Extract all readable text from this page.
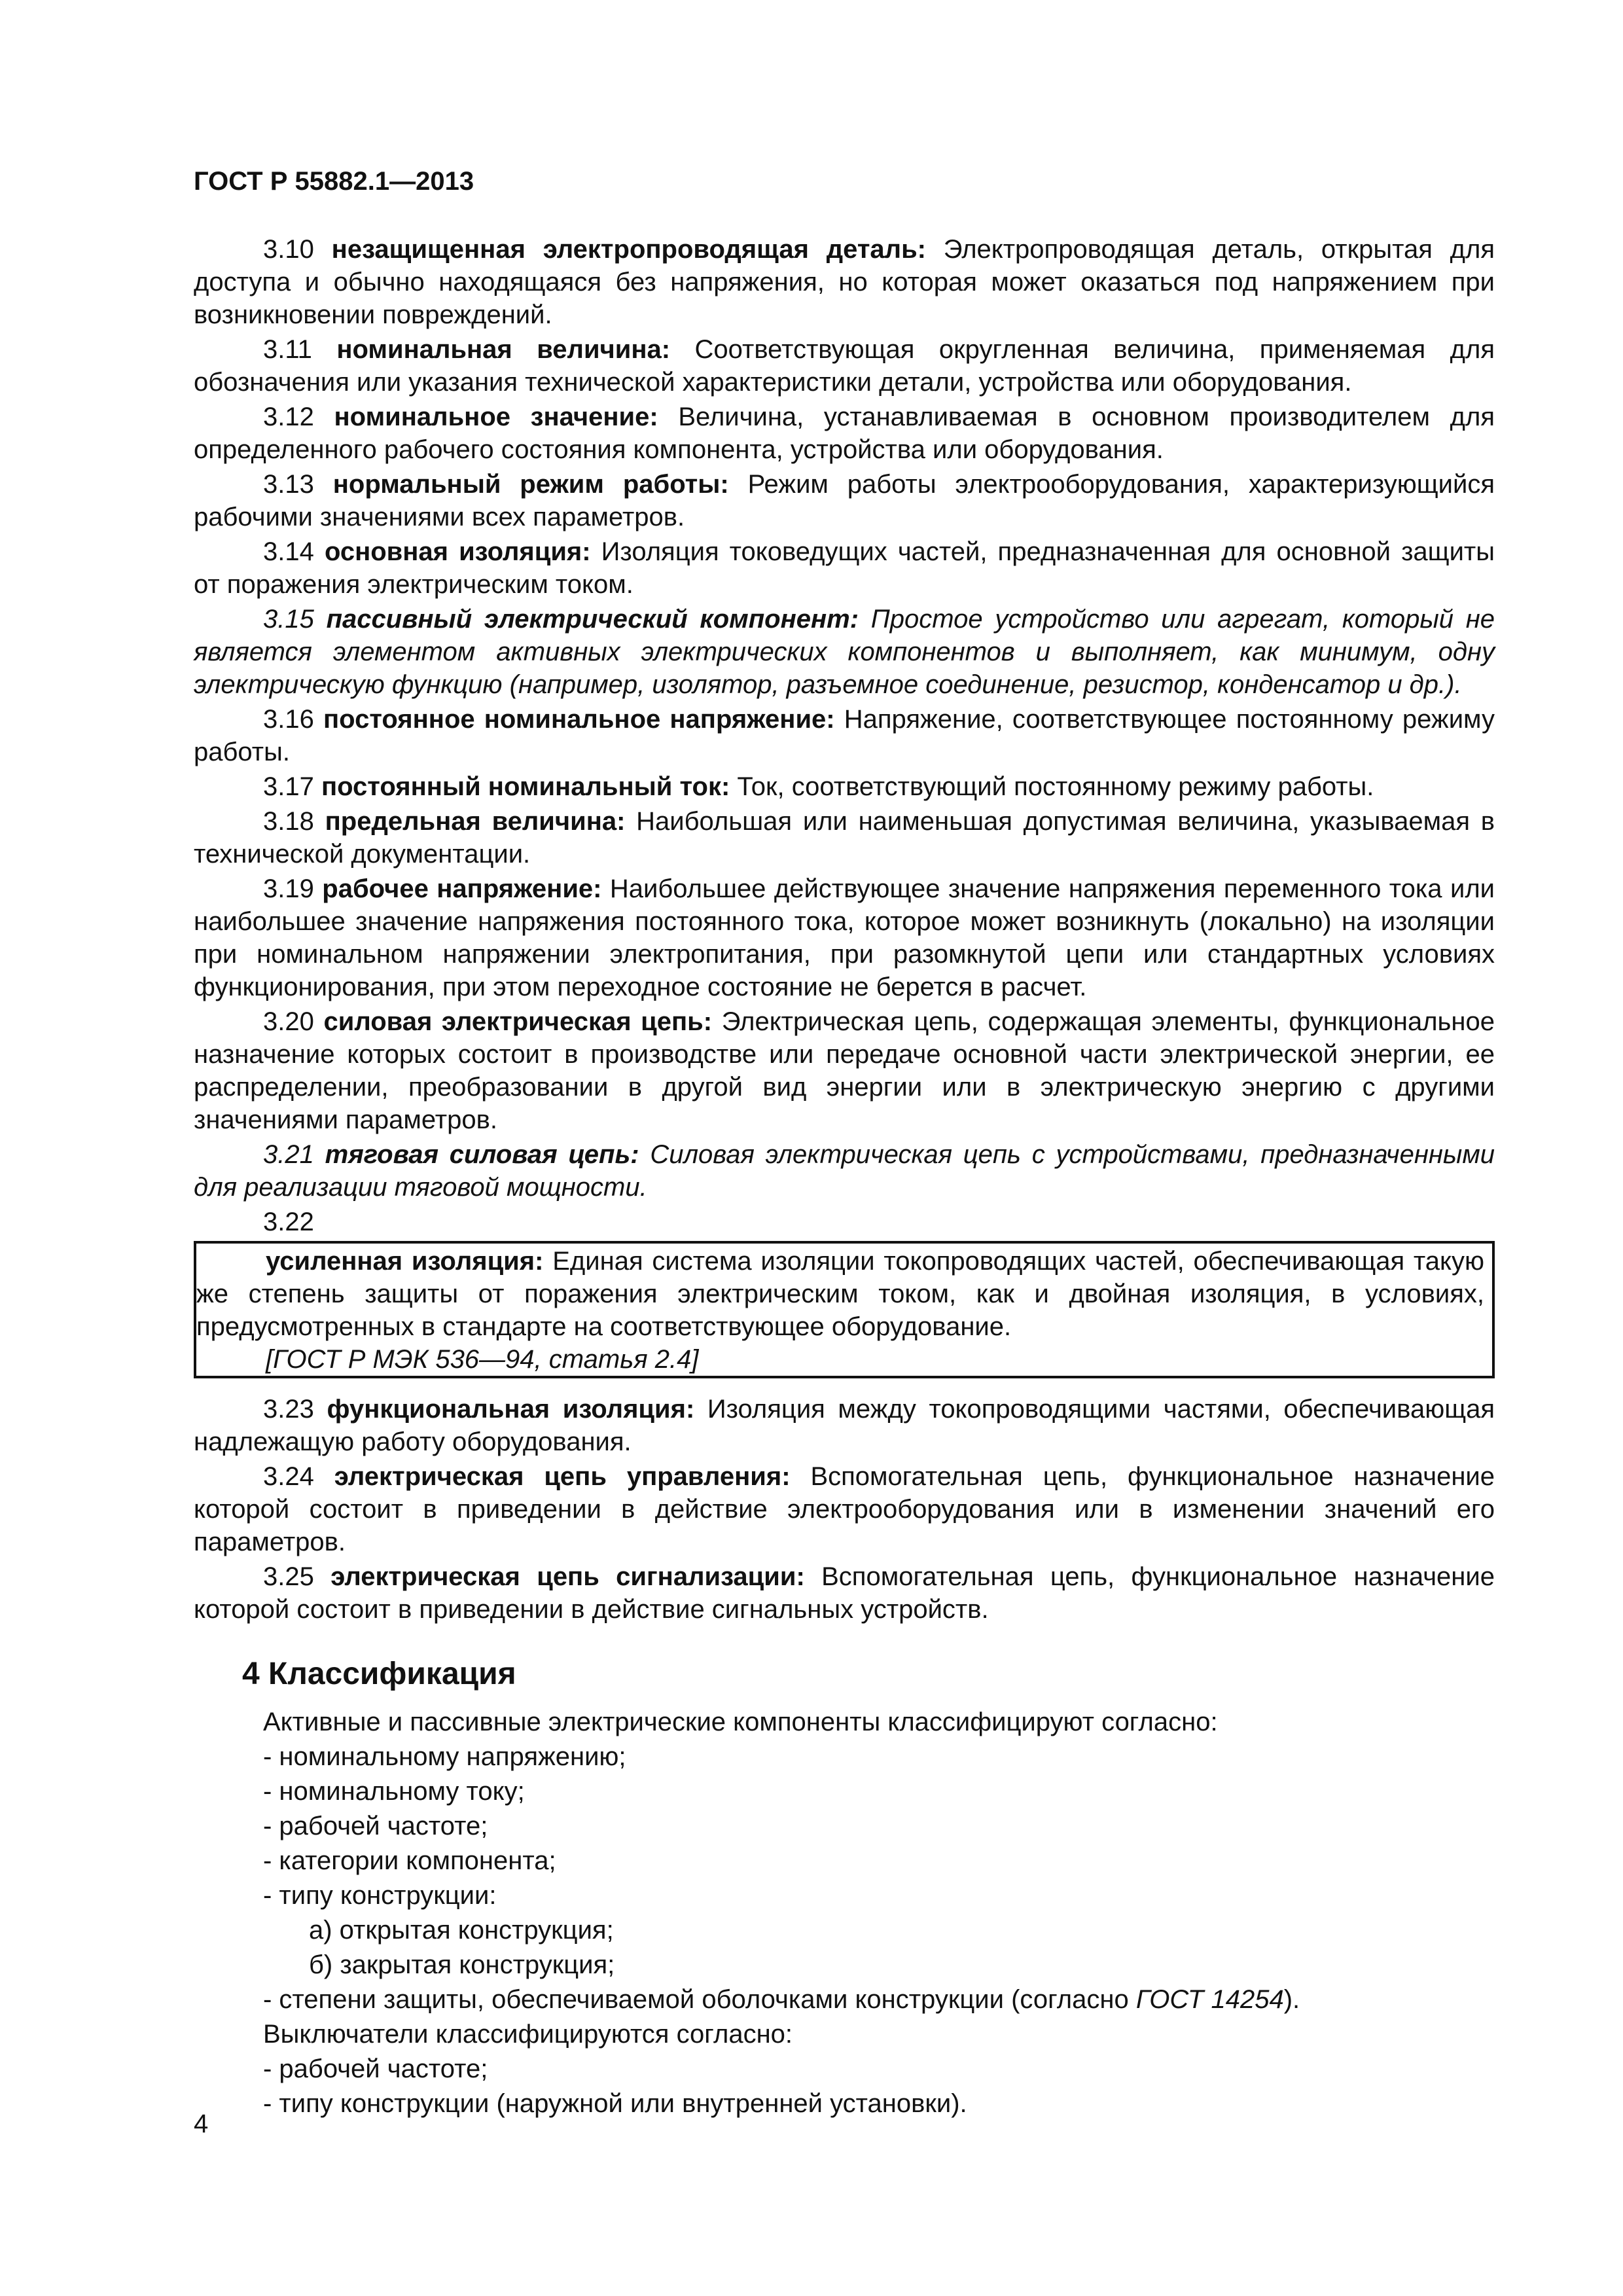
ГОСТ Р 55882.1—2013

3.10 незащищенная электропроводящая деталь: Электропроводящая деталь, открытая для доступа и обычно находящаяся без напряжения, но которая может оказаться под напряжением при возникновении повреждений.

3.11 номинальная величина: Соответствующая округленная величина, применяемая для обозначения или указания технической характеристики детали, устройства или оборудования.

3.12 номинальное значение: Величина, устанавливаемая в основном производителем для определенного рабочего состояния компонента, устройства или оборудования.

3.13 нормальный режим работы: Режим работы электрооборудования, характеризующийся рабочими значениями всех параметров.

3.14 основная изоляция: Изоляция токоведущих частей, предназначенная для основной защиты от поражения электрическим током.

3.15 пассивный электрический компонент: Простое устройство или агрегат, который не является элементом активных электрических компонентов и выполняет, как минимум, одну электрическую функцию (например, изолятор, разъемное соединение, резистор, конденсатор и др.).

3.16 постоянное номинальное напряжение: Напряжение, соответствующее постоянному режиму работы.

3.17 постоянный номинальный ток: Ток, соответствующий постоянному режиму работы.

3.18 предельная величина: Наибольшая или наименьшая допустимая величина, указываемая в технической документации.

3.19 рабочее напряжение: Наибольшее действующее значение напряжения переменного тока или наибольшее значение напряжения постоянного тока, которое может возникнуть (локально) на изоляции при номинальном напряжении электропитания, при разомкнутой цепи или стандартных условиях функционирования, при этом переходное состояние не берется в расчет.

3.20 силовая электрическая цепь: Электрическая цепь, содержащая элементы, функциональное назначение которых состоит в производстве или передаче основной части электрической энергии, ее распределении, преобразовании в другой вид энергии или в электрическую энергию с другими значениями параметров.

3.21 тяговая силовая цепь: Силовая электрическая цепь с устройствами, предназначенными для реализации тяговой мощности.

3.22

усиленная изоляция: Единая система изоляции токопроводящих частей, обеспечивающая такую же степень защиты от поражения электрическим током, как и двойная изоляция, в условиях, предусмотренных в стандарте на соответствующее оборудование.
[ГОСТ Р МЭК 536—94, статья 2.4]

3.23 функциональная изоляция: Изоляция между токопроводящими частями, обеспечивающая надлежащую работу оборудования.

3.24 электрическая цепь управления: Вспомогательная цепь, функциональное назначение которой состоит в приведении в действие электрооборудования или в изменении значений его параметров.

3.25 электрическая цепь сигнализации: Вспомогательная цепь, функциональное назначение которой состоит в приведении в действие сигнальных устройств.

4 Классификация
Активные и пассивные электрические компоненты классифицируют согласно:
- номинальному напряжению;
- номинальному току;
- рабочей частоте;
- категории компонента;
- типу конструкции:
а) открытая конструкция;
б) закрытая конструкция;
- степени защиты, обеспечиваемой оболочками конструкции (согласно ГОСТ 14254).
Выключатели классифицируются согласно:
- рабочей частоте;
- типу конструкции (наружной или внутренней установки).
4
